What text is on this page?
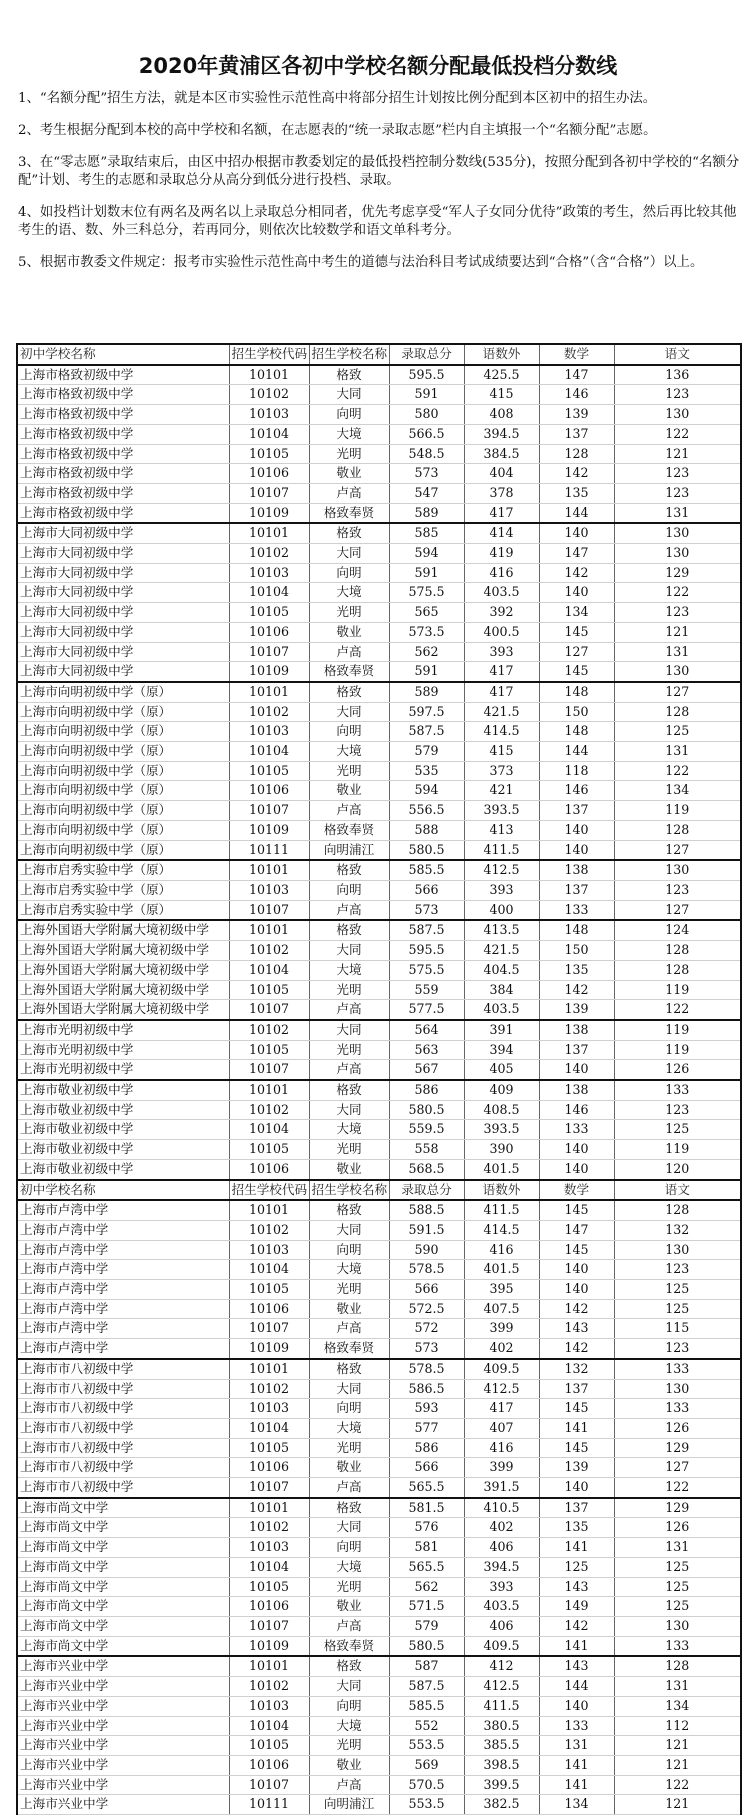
2020年黄浦区各初中学校名额分配最低投档分数线

1、“名额分配”招生方法，就是本区市实验性示范性高中将部分招生计划按比例分配到本区初中的招生办法。

2、考生根据分配到本校的高中学校和名额，在志愿表的“统一录取志愿”栏内自主填报一个“名额分配”志愿。

3、在“零志愿”录取结束后，由区中招办根据市教委划定的最低投档控制分数线(535分)，按照分配到各初中学校的“名额分配”计划、考生的志愿和录取总分从高分到低分进行投档、录取。

4、如投档计划数末位有两名及两名以上录取总分相同者，优先考虑享受“军人子女同分优待”政策的考生，然后再比较其他考生的语、数、外三科总分，若再同分，则依次比较数学和语文单科考分。

5、根据市教委文件规定：报考市实验性示范性高中考生的道德与法治科目考试成绩要达到“合格”（含“合格”）以上。

初中学校名称	招生学校代码	招生学校名称	录取总分	语数外	数学	语文
上海市格致初级中学	10101	格致	595.5	425.5	147	136
上海市格致初级中学	10102	大同	591	415	146	123
上海市格致初级中学	10103	向明	580	408	139	130
上海市格致初级中学	10104	大境	566.5	394.5	137	122
上海市格致初级中学	10105	光明	548.5	384.5	128	121
上海市格致初级中学	10106	敬业	573	404	142	123
上海市格致初级中学	10107	卢高	547	378	135	123
上海市格致初级中学	10109	格致奉贤	589	417	144	131
上海市大同初级中学	10101	格致	585	414	140	130
上海市大同初级中学	10102	大同	594	419	147	130
上海市大同初级中学	10103	向明	591	416	142	129
上海市大同初级中学	10104	大境	575.5	403.5	140	122
上海市大同初级中学	10105	光明	565	392	134	123
上海市大同初级中学	10106	敬业	573.5	400.5	145	121
上海市大同初级中学	10107	卢高	562	393	127	131
上海市大同初级中学	10109	格致奉贤	591	417	145	130
上海市向明初级中学（原）	10101	格致	589	417	148	127
上海市向明初级中学（原）	10102	大同	597.5	421.5	150	128
上海市向明初级中学（原）	10103	向明	587.5	414.5	148	125
上海市向明初级中学（原）	10104	大境	579	415	144	131
上海市向明初级中学（原）	10105	光明	535	373	118	122
上海市向明初级中学（原）	10106	敬业	594	421	146	134
上海市向明初级中学（原）	10107	卢高	556.5	393.5	137	119
上海市向明初级中学（原）	10109	格致奉贤	588	413	140	128
上海市向明初级中学（原）	10111	向明浦江	580.5	411.5	140	127
上海市启秀实验中学（原）	10101	格致	585.5	412.5	138	130
上海市启秀实验中学（原）	10103	向明	566	393	137	123
上海市启秀实验中学（原）	10107	卢高	573	400	133	127
上海外国语大学附属大境初级中学	10101	格致	587.5	413.5	148	124
上海外国语大学附属大境初级中学	10102	大同	595.5	421.5	150	128
上海外国语大学附属大境初级中学	10104	大境	575.5	404.5	135	128
上海外国语大学附属大境初级中学	10105	光明	559	384	142	119
上海外国语大学附属大境初级中学	10107	卢高	577.5	403.5	139	122
上海市光明初级中学	10102	大同	564	391	138	119
上海市光明初级中学	10105	光明	563	394	137	119
上海市光明初级中学	10107	卢高	567	405	140	126
上海市敬业初级中学	10101	格致	586	409	138	133
上海市敬业初级中学	10102	大同	580.5	408.5	146	123
上海市敬业初级中学	10104	大境	559.5	393.5	133	125
上海市敬业初级中学	10105	光明	558	390	140	119
上海市敬业初级中学	10106	敬业	568.5	401.5	140	120
初中学校名称	招生学校代码	招生学校名称	录取总分	语数外	数学	语文
上海市卢湾中学	10101	格致	588.5	411.5	145	128
上海市卢湾中学	10102	大同	591.5	414.5	147	132
上海市卢湾中学	10103	向明	590	416	145	130
上海市卢湾中学	10104	大境	578.5	401.5	140	123
上海市卢湾中学	10105	光明	566	395	140	125
上海市卢湾中学	10106	敬业	572.5	407.5	142	125
上海市卢湾中学	10107	卢高	572	399	143	115
上海市卢湾中学	10109	格致奉贤	573	402	142	123
上海市市八初级中学	10101	格致	578.5	409.5	132	133
上海市市八初级中学	10102	大同	586.5	412.5	137	130
上海市市八初级中学	10103	向明	593	417	145	133
上海市市八初级中学	10104	大境	577	407	141	126
上海市市八初级中学	10105	光明	586	416	145	129
上海市市八初级中学	10106	敬业	566	399	139	127
上海市市八初级中学	10107	卢高	565.5	391.5	140	122
上海市尚文中学	10101	格致	581.5	410.5	137	129
上海市尚文中学	10102	大同	576	402	135	126
上海市尚文中学	10103	向明	581	406	141	131
上海市尚文中学	10104	大境	565.5	394.5	125	125
上海市尚文中学	10105	光明	562	393	143	125
上海市尚文中学	10106	敬业	571.5	403.5	149	125
上海市尚文中学	10107	卢高	579	406	142	130
上海市尚文中学	10109	格致奉贤	580.5	409.5	141	133
上海市兴业中学	10101	格致	587	412	143	128
上海市兴业中学	10102	大同	587.5	412.5	144	131
上海市兴业中学	10103	向明	585.5	411.5	140	134
上海市兴业中学	10104	大境	552	380.5	133	112
上海市兴业中学	10105	光明	553.5	385.5	131	121
上海市兴业中学	10106	敬业	569	398.5	141	121
上海市兴业中学	10107	卢高	570.5	399.5	141	122
上海市兴业中学	10111	向明浦江	553.5	382.5	134	121
